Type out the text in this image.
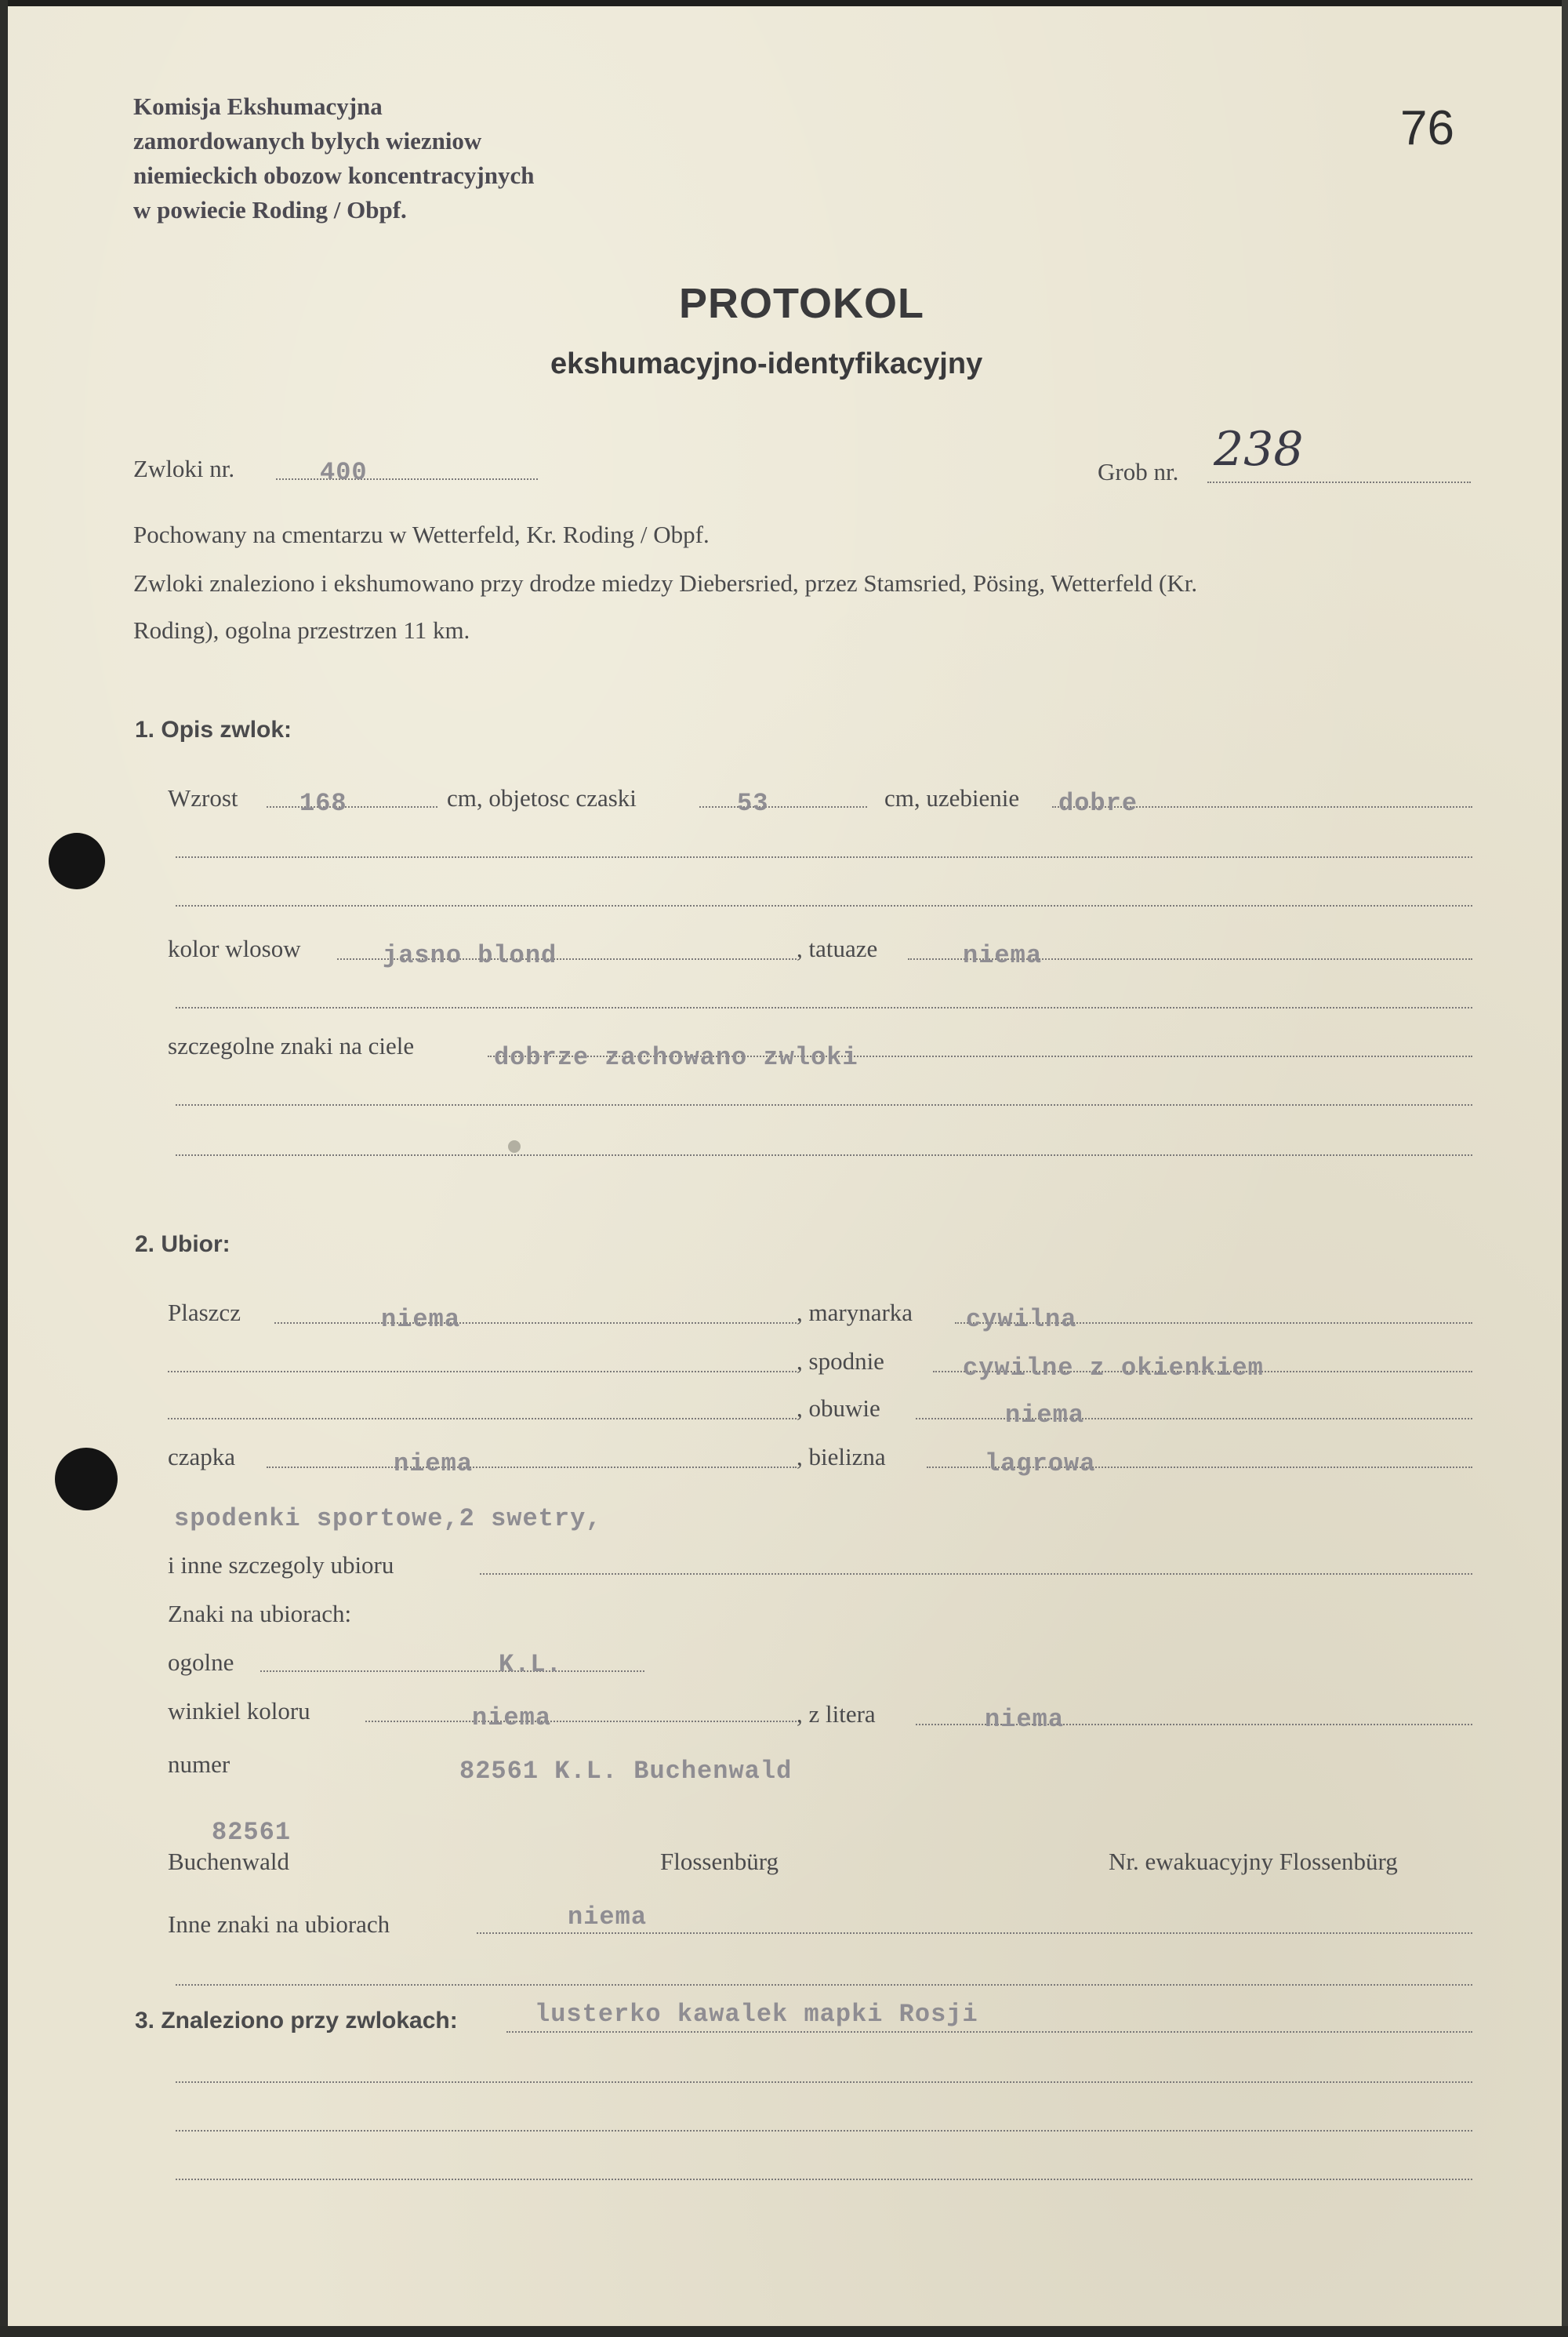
Komisja Ekshumacyjna
zamordowanych bylych wiezniow
niemieckich obozow koncentracyjnych
w powiecie Roding / Obpf.
76
PROTOKOL
ekshumacyjno-identyfikacyjny
Zwloki nr.	400	Grob nr. 238
Pochowany na cmentarzu w Wetterfeld, Kr. Roding / Obpf.
Zwloki znaleziono i ekshumowano przy drodze miedzy Diebersried, przez Stamsried, Pösing, Wetterfeld (Kr.
Roding), ogolna przestrzen 11 km.
1. Opis zwlok:
Wzrost 168	cm, objetosc czaski	53	cm, uzebienie dobre
kolor wlosow	jasno blond	, tatuaze	niema
szczegolne znaki na ciele	dobrze zachowano zwloki
2. Ubior:
Plaszcz	niema	, marynarka cywilna
, spodnie	cywilne z okienkiem
, obuwie	niema
czapka	niema	, bielizna	lagrowa
spodenki sportowe,2 swetry,
i inne szczegoly ubioru
Znaki na ubiorach:
ogolne	K.L.
winkiel koloru	niema	, z litera	niema
numer	82561 K.L. Buchenwald
82561
Buchenwald	Flossenbürg	Nr. ewakuacyjny Flossenbürg
Inne znaki na ubiorach	niema
3. Znaleziono przy zwlokach:	lusterko kawalek mapki Rosji
